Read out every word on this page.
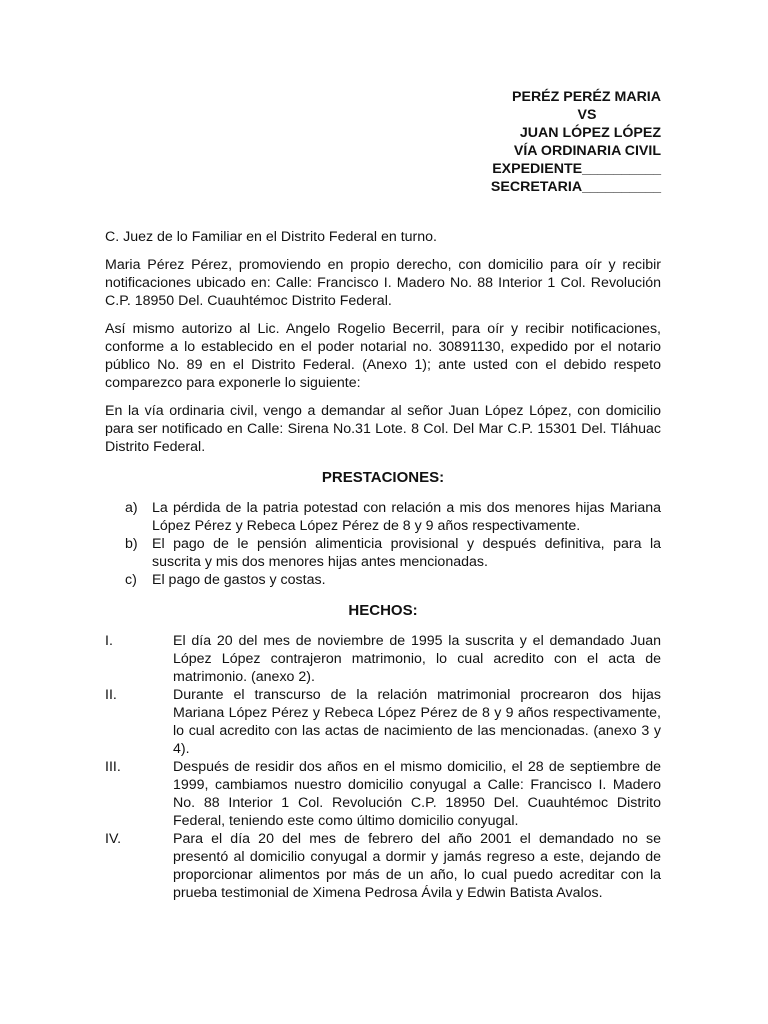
PERÉZ PERÉZ MARIA
VS
JUAN LÓPEZ LÓPEZ
VÍA ORDINARIA CIVIL
EXPEDIENTE__________
SECRETARIA__________

C. Juez de lo Familiar en el Distrito Federal en turno.

Maria Pérez Pérez, promoviendo en propio derecho, con domicilio para oír y recibir notificaciones ubicado en: Calle: Francisco I. Madero No. 88 Interior 1 Col. Revolución C.P. 18950 Del. Cuauhtémoc Distrito Federal.

Así mismo autorizo al Lic. Angelo Rogelio Becerril, para oír y recibir notificaciones, conforme a lo establecido en el poder notarial no. 30891130, expedido por el notario público No. 89 en el Distrito Federal. (Anexo 1); ante usted con el debido respeto comparezco para exponerle lo siguiente:

En la vía ordinaria civil, vengo a demandar al señor Juan López López, con domicilio para ser notificado en Calle: Sirena No.31 Lote. 8 Col. Del Mar C.P. 15301 Del. Tláhuac Distrito Federal.

PRESTACIONES:
a) La pérdida de la patria potestad con relación a mis dos menores hijas Mariana López Pérez y Rebeca López Pérez de 8 y 9 años respectivamente.
b) El pago de le pensión alimenticia provisional y después definitiva, para la suscrita y mis dos menores hijas antes mencionadas.
c) El pago de gastos y costas.
HECHOS:
I.	El día 20 del mes de noviembre de 1995 la suscrita y el demandado Juan López López contrajeron matrimonio, lo cual acredito con el acta de matrimonio. (anexo 2).
II.	Durante el transcurso de la relación matrimonial procrearon dos hijas Mariana López Pérez y Rebeca López Pérez de 8 y 9 años respectivamente, lo cual acredito con las actas de nacimiento de las mencionadas. (anexo 3 y 4).
III.	Después de residir dos años en el mismo domicilio, el 28 de septiembre de 1999, cambiamos nuestro domicilio conyugal a Calle: Francisco I. Madero No. 88 Interior 1 Col. Revolución C.P. 18950 Del. Cuauhtémoc Distrito Federal, teniendo este como último domicilio conyugal.
IV.	Para el día 20 del mes de febrero del año 2001 el demandado no se presentó al domicilio conyugal a dormir y jamás regreso a este, dejando de proporcionar alimentos por más de un año, lo cual puedo acreditar con la prueba testimonial de Ximena Pedrosa Ávila y Edwin Batista Avalos.
